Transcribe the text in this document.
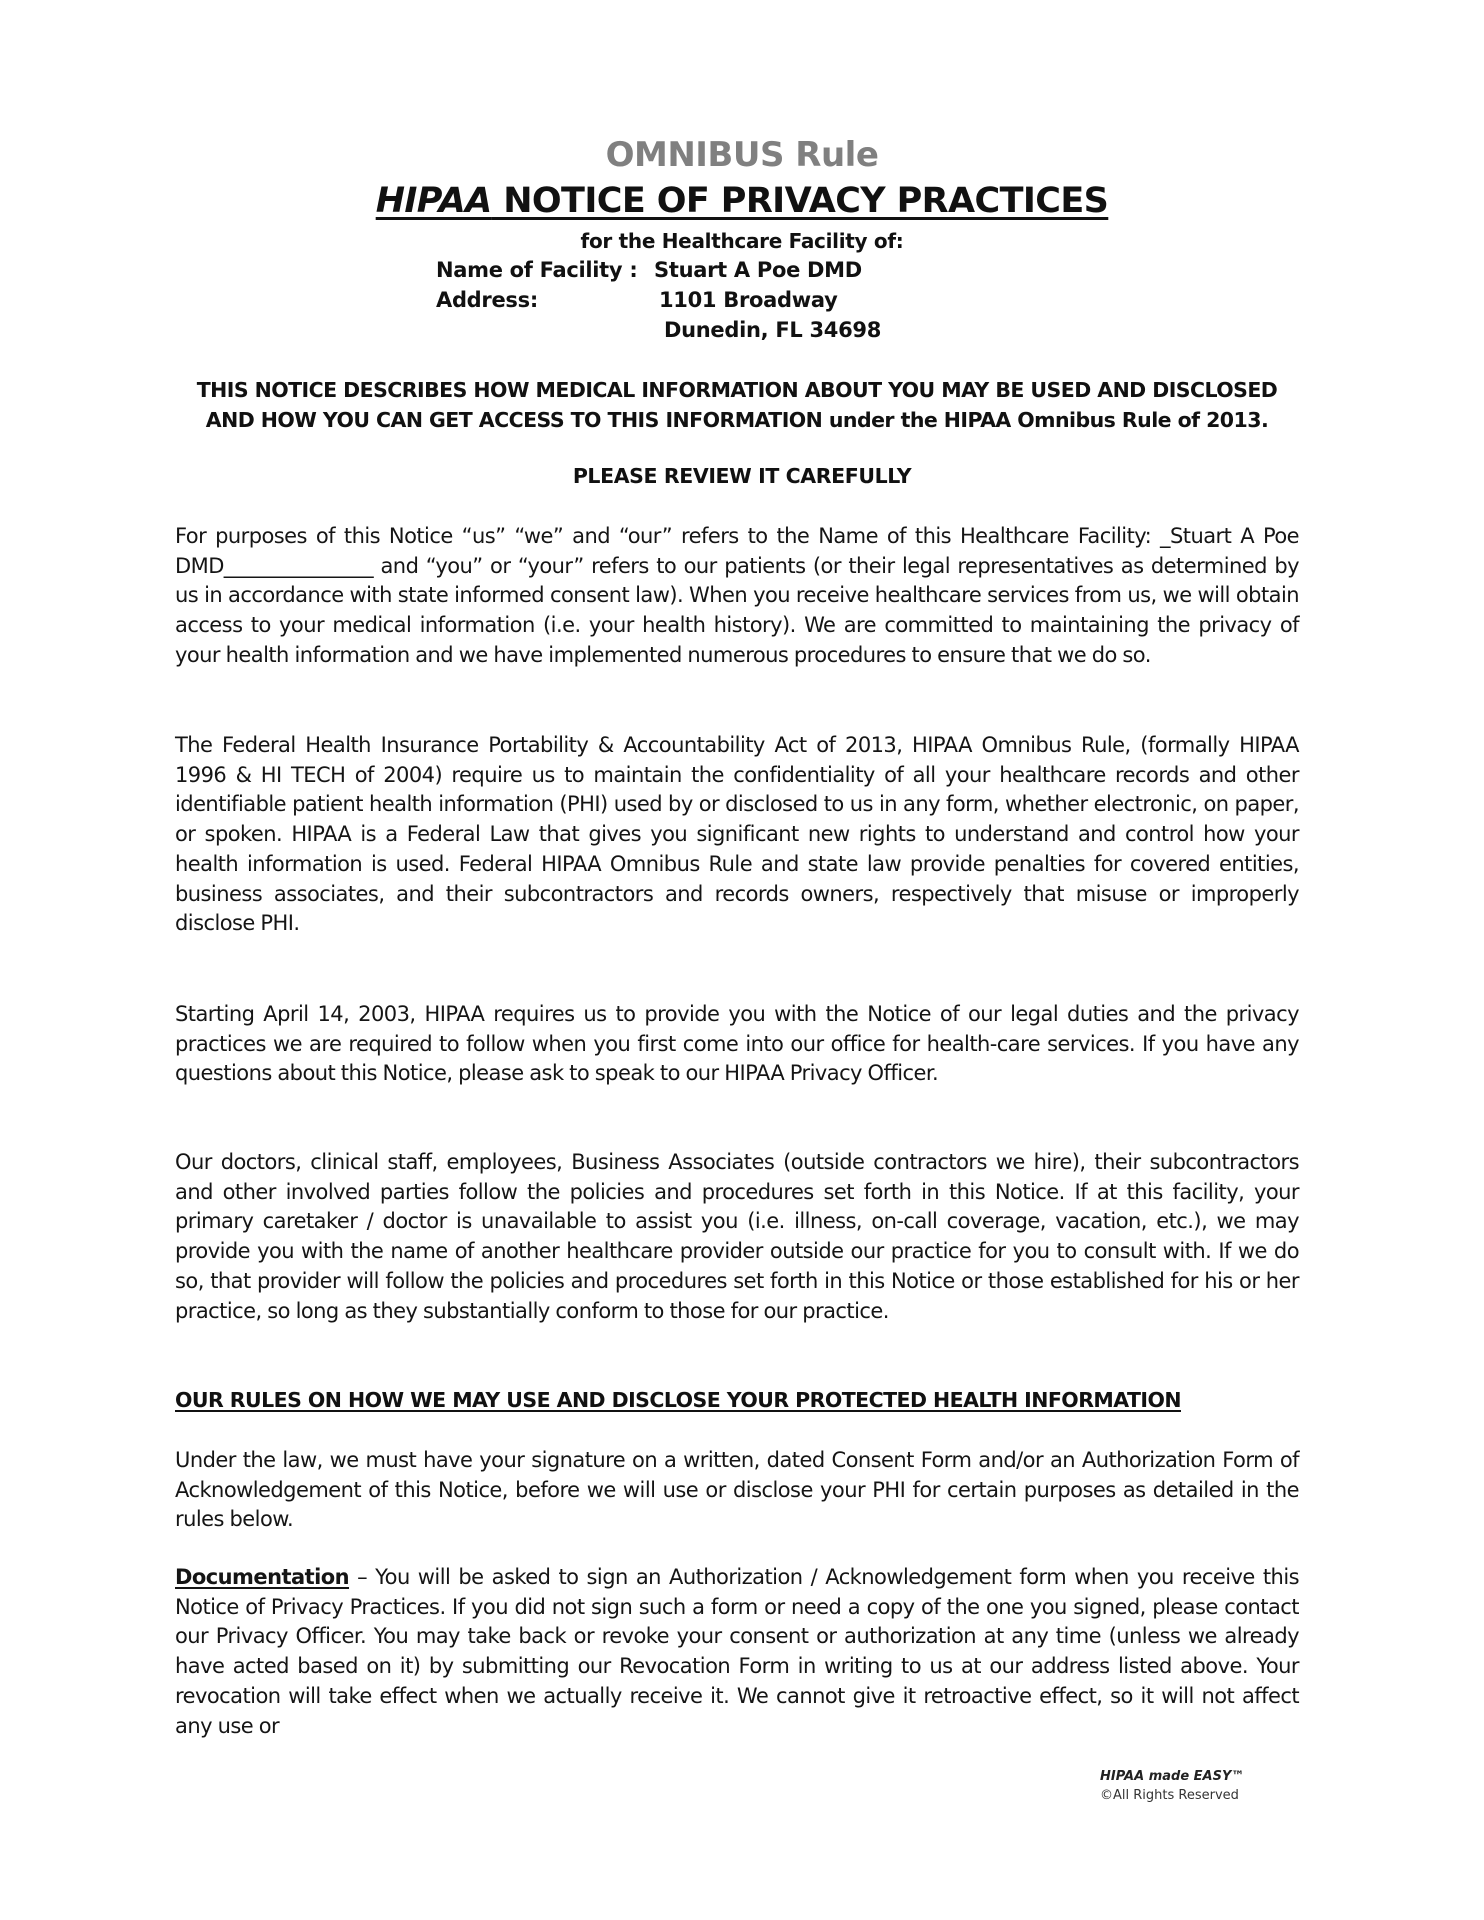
OMNIBUS Rule
HIPAA NOTICE OF PRIVACY PRACTICES
for the Healthcare Facility of:
Name of Facility : Stuart A Poe DMD
Address:	1101 Broadway
Dunedin, FL 34698
THIS NOTICE DESCRIBES HOW MEDICAL INFORMATION ABOUT YOU MAY BE USED AND DISCLOSED AND HOW YOU CAN GET ACCESS TO THIS INFORMATION under the HIPAA Omnibus Rule of 2013.
PLEASE REVIEW IT CAREFULLY

For purposes of this Notice “us” “we” and “our” refers to the Name of this Healthcare Facility: _Stuart A Poe DMD_______________ and “you” or “your” refers to our patients (or their legal representatives as determined by us in accordance with state informed consent law). When you receive healthcare services from us, we will obtain access to your medical information (i.e. your health history). We are committed to maintaining the privacy of your health information and we have implemented numerous procedures to ensure that we do so.

The Federal Health Insurance Portability & Accountability Act of 2013, HIPAA Omnibus Rule, (formally HIPAA 1996 & HI TECH of 2004) require us to maintain the confidentiality of all your healthcare records and other identifiable patient health information (PHI) used by or disclosed to us in any form, whether electronic, on paper, or spoken. HIPAA is a Federal Law that gives you significant new rights to understand and control how your health information is used. Federal HIPAA Omnibus Rule and state law provide penalties for covered entities, business associates, and their subcontractors and records owners, respectively that misuse or improperly disclose PHI.

Starting April 14, 2003, HIPAA requires us to provide you with the Notice of our legal duties and the privacy practices we are required to follow when you first come into our office for health-care services. If you have any questions about this Notice, please ask to speak to our HIPAA Privacy Officer.

Our doctors, clinical staff, employees, Business Associates (outside contractors we hire), their subcontractors and other involved parties follow the policies and procedures set forth in this Notice. If at this facility, your primary caretaker / doctor is unavailable to assist you (i.e. illness, on-call coverage, vacation, etc.), we may provide you with the name of another healthcare provider outside our practice for you to consult with. If we do so, that provider will follow the policies and procedures set forth in this Notice or those established for his or her practice, so long as they substantially conform to those for our practice.

OUR RULES ON HOW WE MAY USE AND DISCLOSE YOUR PROTECTED HEALTH INFORMATION

Under the law, we must have your signature on a written, dated Consent Form and/or an Authorization Form of Acknowledgement of this Notice, before we will use or disclose your PHI for certain purposes as detailed in the rules below.

Documentation – You will be asked to sign an Authorization / Acknowledgement form when you receive this Notice of Privacy Practices. If you did not sign such a form or need a copy of the one you signed, please contact our Privacy Officer. You may take back or revoke your consent or authorization at any time (unless we already have acted based on it) by submitting our Revocation Form in writing to us at our address listed above. Your revocation will take effect when we actually receive it. We cannot give it retroactive effect, so it will not affect any use or

HIPAA made EASY™
©All Rights Reserved
